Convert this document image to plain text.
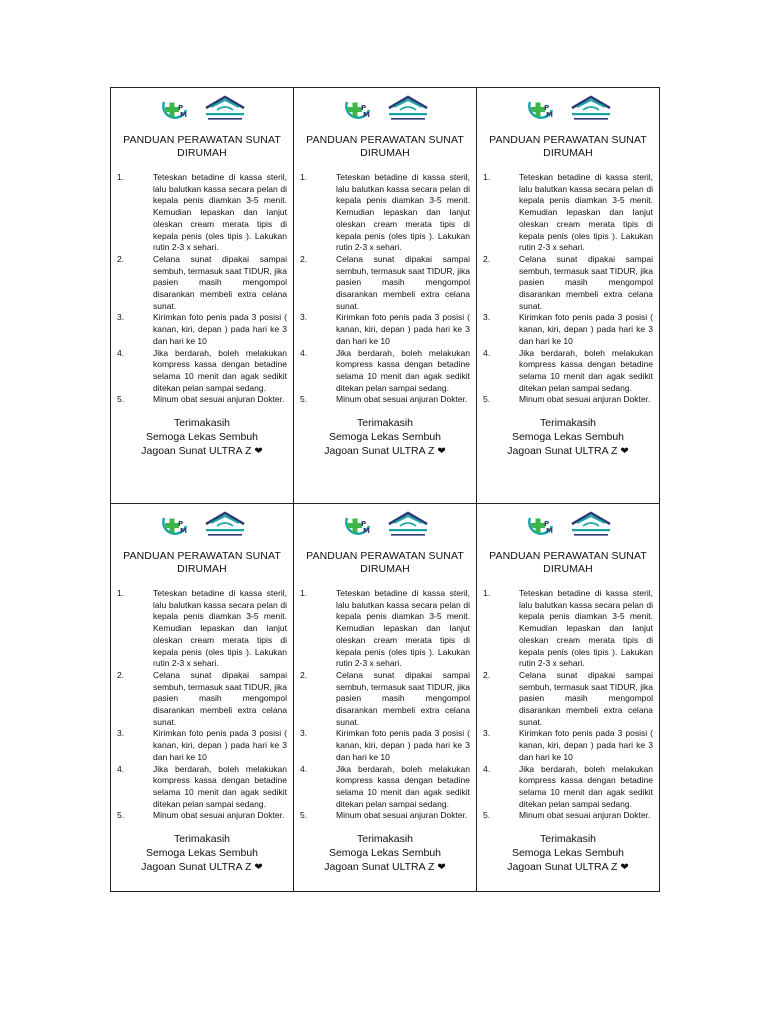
P
M
PANDUAN PERAWATAN SUNAT
DIRUMAH
1.	Teteskan betadine di kassa steril, lalu balutkan kassa secara pelan di kepala penis diamkan 3-5 menit. Kemudian lepaskan dan lanjut oleskan cream merata tipis di kepala penis (oles tipis ). Lakukan rutin 2-3 x sehari.
2.	Celana sunat dipakai sampai sembuh, termasuk saat TIDUR, jika pasien masih mengompol disarankan membeli extra celana sunat.
3.	Kirimkan foto penis pada 3 posisi ( kanan, kiri, depan ) pada hari ke 3 dan hari ke 10
4.	Jika berdarah, boleh melakukan kompress kassa dengan betadine selama 10 menit dan agak sedikit ditekan pelan sampai sedang.
5.	Minum obat sesuai anjuran Dokter.
Terimakasih
Semoga Lekas Sembuh
Jagoan Sunat ULTRA Z ❤
P
M
PANDUAN PERAWATAN SUNAT
DIRUMAH
1.	Teteskan betadine di kassa steril, lalu balutkan kassa secara pelan di kepala penis diamkan 3-5 menit. Kemudian lepaskan dan lanjut oleskan cream merata tipis di kepala penis (oles tipis ). Lakukan rutin 2-3 x sehari.
2.	Celana sunat dipakai sampai sembuh, termasuk saat TIDUR, jika pasien masih mengompol disarankan membeli extra celana sunat.
3.	Kirimkan foto penis pada 3 posisi ( kanan, kiri, depan ) pada hari ke 3 dan hari ke 10
4.	Jika berdarah, boleh melakukan kompress kassa dengan betadine selama 10 menit dan agak sedikit ditekan pelan sampai sedang.
5.	Minum obat sesuai anjuran Dokter.
Terimakasih
Semoga Lekas Sembuh
Jagoan Sunat ULTRA Z ❤
P
M
PANDUAN PERAWATAN SUNAT
DIRUMAH
1.	Teteskan betadine di kassa steril, lalu balutkan kassa secara pelan di kepala penis diamkan 3-5 menit. Kemudian lepaskan dan lanjut oleskan cream merata tipis di kepala penis (oles tipis ). Lakukan rutin 2-3 x sehari.
2.	Celana sunat dipakai sampai sembuh, termasuk saat TIDUR, jika pasien masih mengompol disarankan membeli extra celana sunat.
3.	Kirimkan foto penis pada 3 posisi ( kanan, kiri, depan ) pada hari ke 3 dan hari ke 10
4.	Jika berdarah, boleh melakukan kompress kassa dengan betadine selama 10 menit dan agak sedikit ditekan pelan sampai sedang.
5.	Minum obat sesuai anjuran Dokter.
Terimakasih
Semoga Lekas Sembuh
Jagoan Sunat ULTRA Z ❤
P
M
PANDUAN PERAWATAN SUNAT
DIRUMAH
1.	Teteskan betadine di kassa steril, lalu balutkan kassa secara pelan di kepala penis diamkan 3-5 menit. Kemudian lepaskan dan lanjut oleskan cream merata tipis di kepala penis (oles tipis ). Lakukan rutin 2-3 x sehari.
2.	Celana sunat dipakai sampai sembuh, termasuk saat TIDUR, jika pasien masih mengompol disarankan membeli extra celana sunat.
3.	Kirimkan foto penis pada 3 posisi ( kanan, kiri, depan ) pada hari ke 3 dan hari ke 10
4.	Jika berdarah, boleh melakukan kompress kassa dengan betadine selama 10 menit dan agak sedikit ditekan pelan sampai sedang.
5.	Minum obat sesuai anjuran Dokter.
Terimakasih
Semoga Lekas Sembuh
Jagoan Sunat ULTRA Z ❤
P
M
PANDUAN PERAWATAN SUNAT
DIRUMAH
1.	Teteskan betadine di kassa steril, lalu balutkan kassa secara pelan di kepala penis diamkan 3-5 menit. Kemudian lepaskan dan lanjut oleskan cream merata tipis di kepala penis (oles tipis ). Lakukan rutin 2-3 x sehari.
2.	Celana sunat dipakai sampai sembuh, termasuk saat TIDUR, jika pasien masih mengompol disarankan membeli extra celana sunat.
3.	Kirimkan foto penis pada 3 posisi ( kanan, kiri, depan ) pada hari ke 3 dan hari ke 10
4.	Jika berdarah, boleh melakukan kompress kassa dengan betadine selama 10 menit dan agak sedikit ditekan pelan sampai sedang.
5.	Minum obat sesuai anjuran Dokter.
Terimakasih
Semoga Lekas Sembuh
Jagoan Sunat ULTRA Z ❤
P
M
PANDUAN PERAWATAN SUNAT
DIRUMAH
1.	Teteskan betadine di kassa steril, lalu balutkan kassa secara pelan di kepala penis diamkan 3-5 menit. Kemudian lepaskan dan lanjut oleskan cream merata tipis di kepala penis (oles tipis ). Lakukan rutin 2-3 x sehari.
2.	Celana sunat dipakai sampai sembuh, termasuk saat TIDUR, jika pasien masih mengompol disarankan membeli extra celana sunat.
3.	Kirimkan foto penis pada 3 posisi ( kanan, kiri, depan ) pada hari ke 3 dan hari ke 10
4.	Jika berdarah, boleh melakukan kompress kassa dengan betadine selama 10 menit dan agak sedikit ditekan pelan sampai sedang.
5.	Minum obat sesuai anjuran Dokter.
Terimakasih
Semoga Lekas Sembuh
Jagoan Sunat ULTRA Z ❤
